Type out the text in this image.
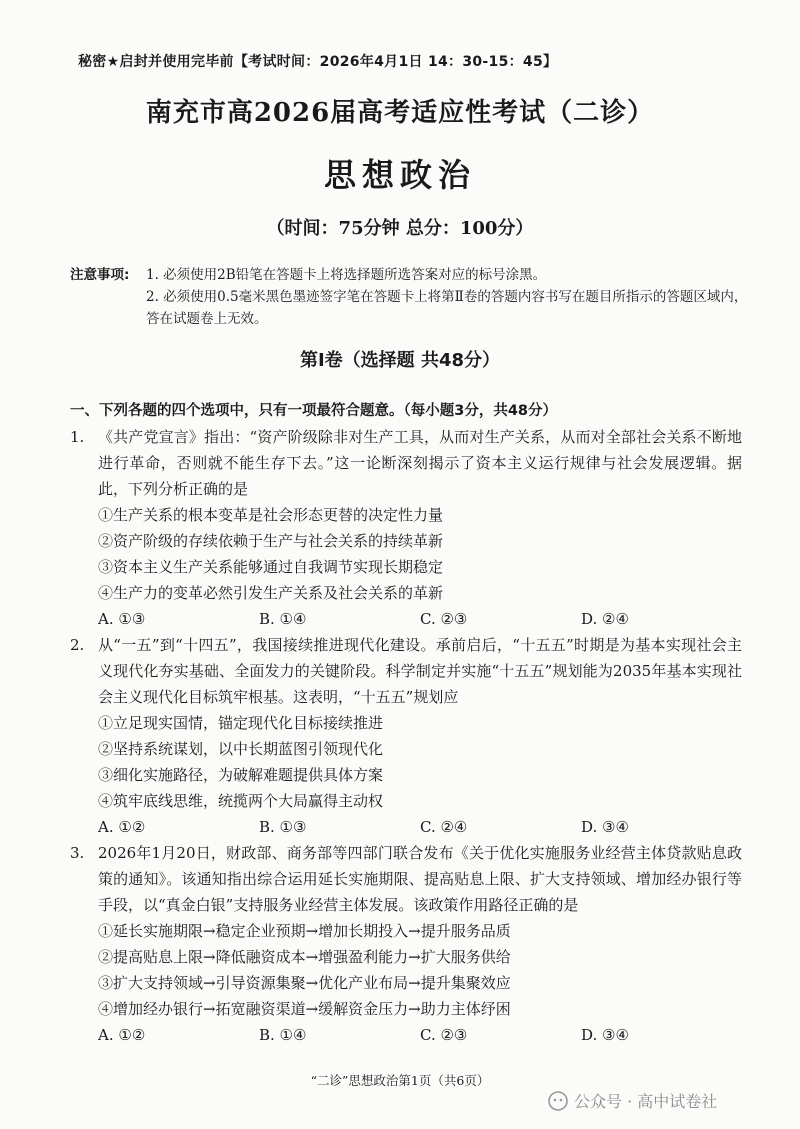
秘密★启封并使用完毕前【考试时间：2026年4月1日 14：30-15：45】
南充市高2026届高考适应性考试（二诊）
思想政治
（时间：75分钟 总分：100分）
注意事项:	1. 必须使用2B铅笔在答题卡上将选择题所选答案对应的标号涂黑。
2. 必须使用0.5毫米黑色墨迹签字笔在答题卡上将第Ⅱ卷的答题内容书写在题目所指示的答题区域内，答在试题卷上无效。
第Ⅰ卷（选择题 共48分）
一、下列各题的四个选项中，只有一项最符合题意。（每小题3分，共48分）
1. 《共产党宣言》指出：“资产阶级除非对生产工具，从而对生产关系，从而对全部社会关系不断地进行革命，否则就不能生存下去。”这一论断深刻揭示了资本主义运行规律与社会发展逻辑。据此，下列分析正确的是
①生产关系的根本变革是社会形态更替的决定性力量
②资产阶级的存续依赖于生产与社会关系的持续革新
③资本主义生产关系能够通过自我调节实现长期稳定
④生产力的变革必然引发生产关系及社会关系的革新
A. ①③	B. ①④	C. ②③	D. ②④
2. 从“一五”到“十四五”，我国接续推进现代化建设。承前启后，“十五五”时期是为基本实现社会主义现代化夯实基础、全面发力的关键阶段。科学制定并实施“十五五”规划能为2035年基本实现社会主义现代化目标筑牢根基。这表明，“十五五”规划应
①立足现实国情，锚定现代化目标接续推进
②坚持系统谋划，以中长期蓝图引领现代化
③细化实施路径，为破解难题提供具体方案
④筑牢底线思维，统揽两个大局赢得主动权
A. ①②	B. ①③	C. ②④	D. ③④
3. 2026年1月20日，财政部、商务部等四部门联合发布《关于优化实施服务业经营主体贷款贴息政策的通知》。该通知指出综合运用延长实施期限、提高贴息上限、扩大支持领域、增加经办银行等手段，以“真金白银”支持服务业经营主体发展。该政策作用路径正确的是
①延长实施期限→稳定企业预期→增加长期投入→提升服务品质
②提高贴息上限→降低融资成本→增强盈利能力→扩大服务供给
③扩大支持领域→引导资源集聚→优化产业布局→提升集聚效应
④增加经办银行→拓宽融资渠道→缓解资金压力→助力主体纾困
A. ①②	B. ①④	C. ②③	D. ③④
“二诊”思想政治第1页（共6页）
公众号 · 高中试卷社
